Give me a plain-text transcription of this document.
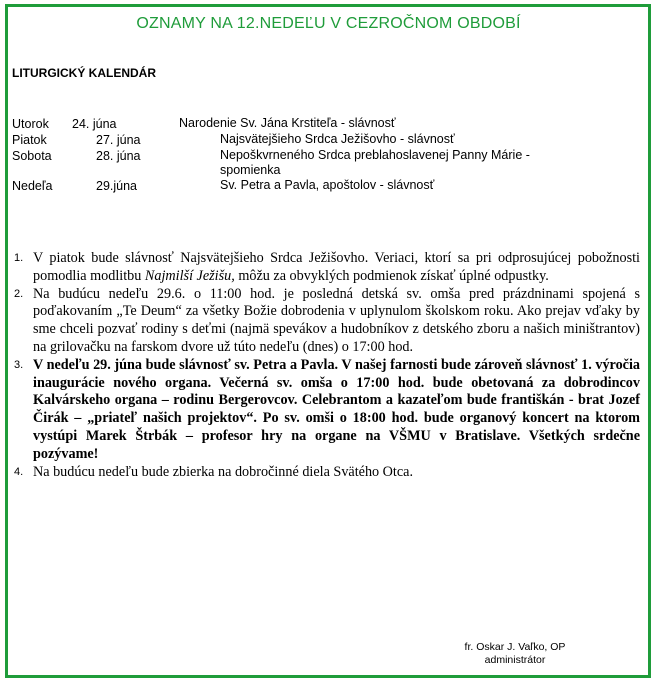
OZNAMY NA 12.NEDEĽU V CEZROČNOM OBDOBÍ
LITURGICKÝ KALENDÁR
Utorok 24. júna	Narodenie Sv. Jána Krstiteľa - slávnosť
Piatok	27. júna	Najsvätejšieho Srdca Ježišovho - slávnosť
Sobota	28. júna	Nepoškvrneného Srdca preblahoslavenej Panny Márie - spomienka
Nedeľa	29.júna	Sv. Petra a Pavla, apoštolov - slávnosť
1. V piatok bude slávnosť Najsvätejšieho Srdca Ježišovho. Veriaci, ktorí sa pri odprosujúcej pobožnosti pomodlia modlitbu Najmilší Ježišu, môžu za obvyklých podmienok získať úplné odpustky.
2. Na budúcu nedeľu 29.6. o 11:00 hod. je posledná detská sv. omša pred prázdninami spojená s poďakovaním „Te Deum“ za všetky Božie dobrodenia v uplynulom školskom roku. Ako prejav vďaky by sme chceli pozvať rodiny s deťmi (najmä spevákov a hudobníkov z detského zboru a našich miništrantov) na grilovačku na farskom dvore už túto nedeľu (dnes) o 17:00 hod.
3. V nedeľu 29. júna bude slávnosť sv. Petra a Pavla. V našej farnosti bude zároveň slávnosť 1. výročia inaugurácie nového organa. Večerná sv. omša o 17:00 hod. bude obetovaná za dobrodincov Kalvárskeho organa – rodinu Bergerovcov. Celebrantom a kazateľom bude františkán - brat Jozef Čirák – „priateľ našich projektov“. Po sv. omši o 18:00 hod. bude organový koncert na ktorom vystúpi Marek Štrbák – profesor hry na organe na VŠMU v Bratislave. Všetkých srdečne pozývame!
4. Na budúcu nedeľu bude zbierka na dobročinné diela Svätého Otca.
fr. Oskar J. Vaľko, OP
administrátor
